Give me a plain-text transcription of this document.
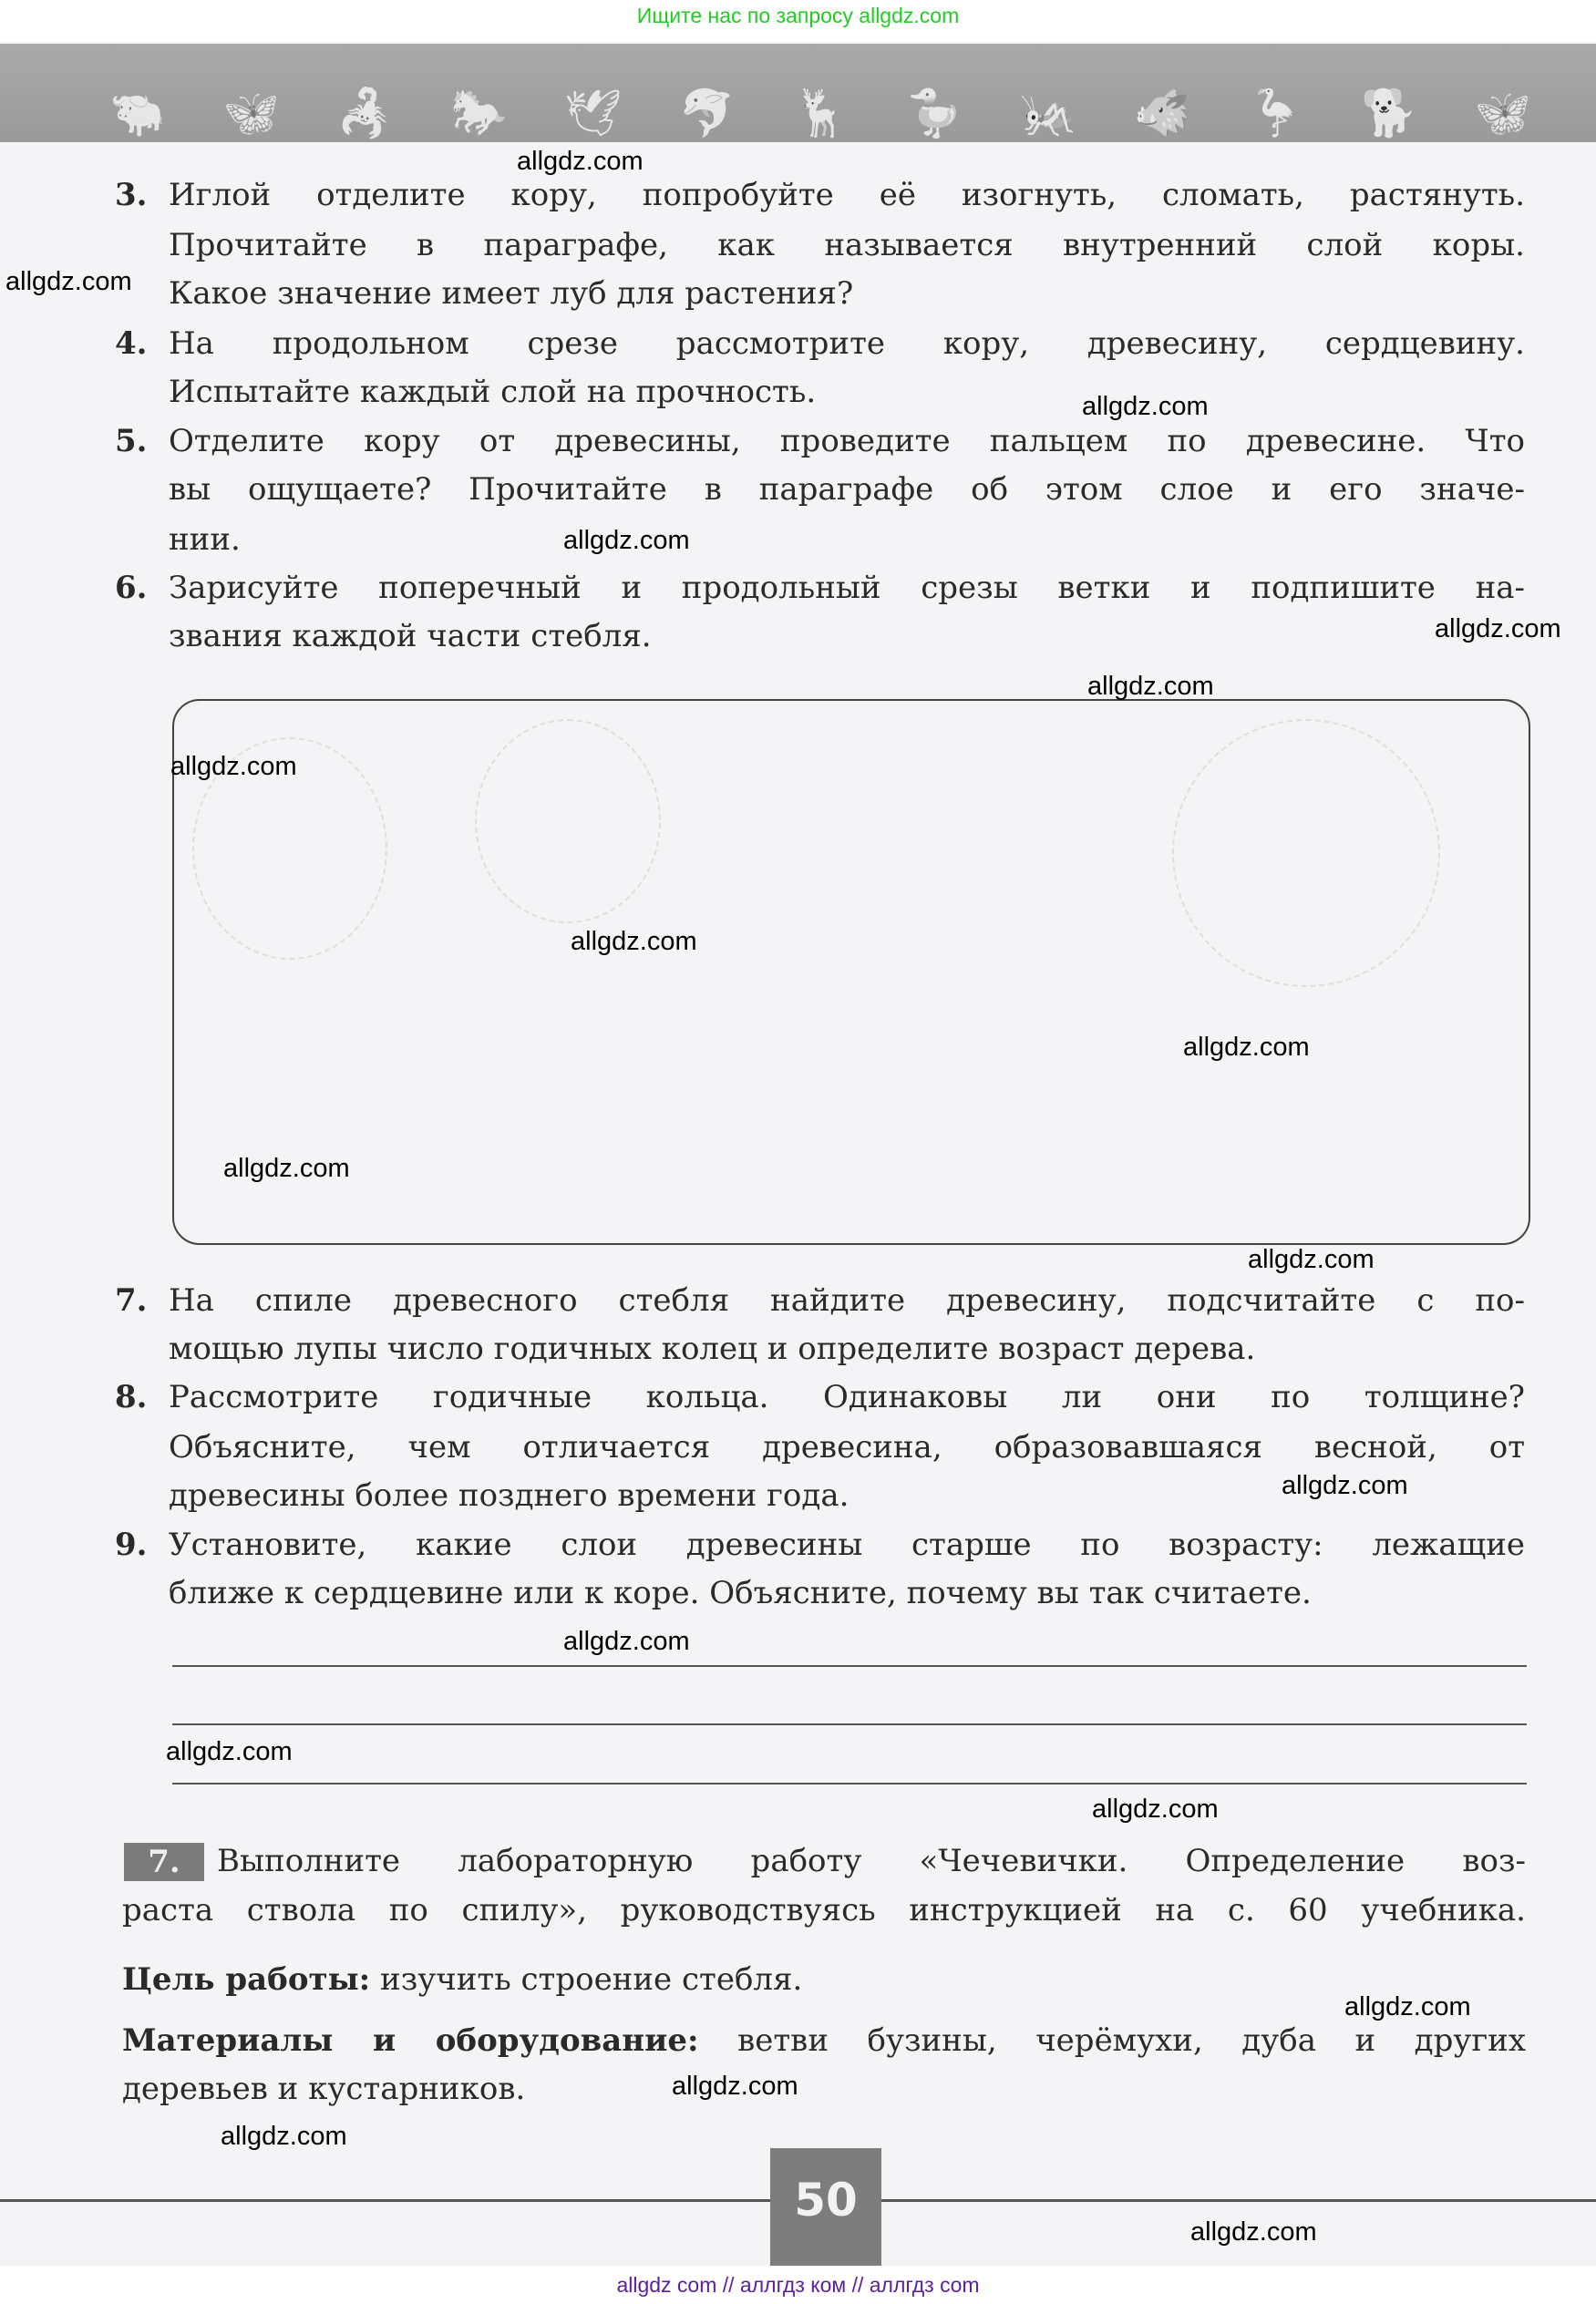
Ищите нас по запросу allgdz.com
🐃 🦋 🦂 🐎 🕊 🐬 🦌 🦆 🦗 🐗 🦩 🐕 🦋
3. Иглой отделите кору, попробуйте её изогнуть, сломать, растянуть.
Прочитайте в параграфе, как называется внутренний слой коры.
Какое значение имеет луб для растения?
4. На продольном срезе рассмотрите кору, древесину, сердцевину.
Испытайте каждый слой на прочность.
5. Отделите кору от древесины, проведите пальцем по древесине. Что
вы ощущаете? Прочитайте в параграфе об этом слое и его значе-
нии.
6. Зарисуйте поперечный и продольный срезы ветки и подпишите на-
звания каждой части стебля.
7. На спиле древесного стебля найдите древесину, подсчитайте с по-
мощью лупы число годичных колец и определите возраст дерева.
8. Рассмотрите годичные кольца. Одинаковы ли они по толщине?
Объясните, чем отличается древесина, образовавшаяся весной, от
древесины более позднего времени года.
9. Установите, какие слои древесины старше по возрасту: лежащие
ближе к сердцевине или к коре. Объясните, почему вы так считаете.
7.	Выполните лабораторную работу «Чечевички. Определение воз-
раста ствола по спилу», руководствуясь инструкцией на с. 60 учебника.
Цель работы: изучить строение стебля.
Материалы и оборудование: ветви бузины, черёмухи, дуба и других
деревьев и кустарников.
50
allgdz com // аллгдз ком // аллгдз com
allgdz.com
allgdz.com
allgdz.com
allgdz.com
allgdz.com
allgdz.com
allgdz.com
allgdz.com
allgdz.com
allgdz.com
allgdz.com
allgdz.com
allgdz.com
allgdz.com
allgdz.com
allgdz.com
allgdz.com
allgdz.com
allgdz.com
